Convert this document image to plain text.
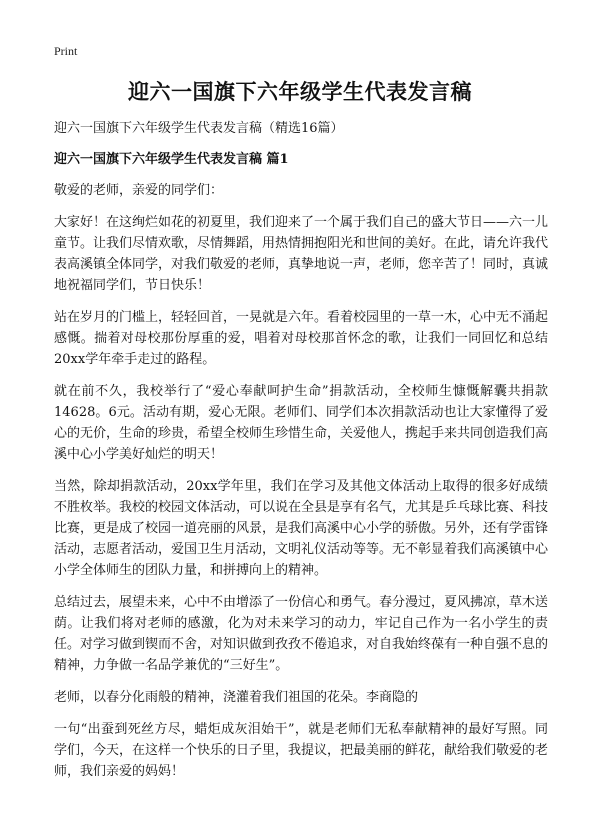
Print
迎六一国旗下六年级学生代表发言稿

迎六一国旗下六年级学生代表发言稿（精选16篇）

迎六一国旗下六年级学生代表发言稿 篇1

敬爱的老师，亲爱的同学们：

大家好！在这绚烂如花的初夏里，我们迎来了一个属于我们自己的盛大节日——六一儿童节。让我们尽情欢歌，尽情舞蹈，用热情拥抱阳光和世间的美好。在此，请允许我代表高溪镇全体同学，对我们敬爱的老师，真挚地说一声，老师，您辛苦了！同时，真诚地祝福同学们，节日快乐！

站在岁月的门槛上，轻轻回首，一晃就是六年。看着校园里的一草一木，心中无不涌起感慨。揣着对母校那份厚重的爱，唱着对母校那首怀念的歌，让我们一同回忆和总结20xx学年牵手走过的路程。

就在前不久，我校举行了“爱心奉献呵护生命”捐款活动，全校师生慷慨解囊共捐款14628。6元。活动有期，爱心无限。老师们、同学们本次捐款活动也让大家懂得了爱心的无价，生命的珍贵，希望全校师生珍惜生命，关爱他人，携起手来共同创造我们高溪中心小学美好灿烂的明天！

当然，除却捐款活动，20xx学年里，我们在学习及其他文体活动上取得的很多好成绩不胜枚举。我校的校园文体活动，可以说在全县是享有名气，尤其是乒乓球比赛、科技比赛，更是成了校园一道亮丽的风景，是我们高溪中心小学的骄傲。另外，还有学雷锋活动，志愿者活动，爱国卫生月活动，文明礼仪活动等等。无不彰显着我们高溪镇中心小学全体师生的团队力量，和拼搏向上的精神。

总结过去，展望未来，心中不由增添了一份信心和勇气。春分漫过，夏风拂凉，草木送荫。让我们将对老师的感激，化为对未来学习的动力，牢记自己作为一名小学生的责任。对学习做到锲而不舍，对知识做到孜孜不倦追求，对自我始终葆有一种自强不息的精神，力争做一名品学兼优的“三好生”。

老师，以春分化雨般的精神，浇灌着我们祖国的花朵。李商隐的

一句“出蚕到死丝方尽，蜡炬成灰泪始干”，就是老师们无私奉献精神的最好写照。同学们，今天，在这样一个快乐的日子里，我提议，把最美丽的鲜花，献给我们敬爱的老师，我们亲爱的妈妈！
